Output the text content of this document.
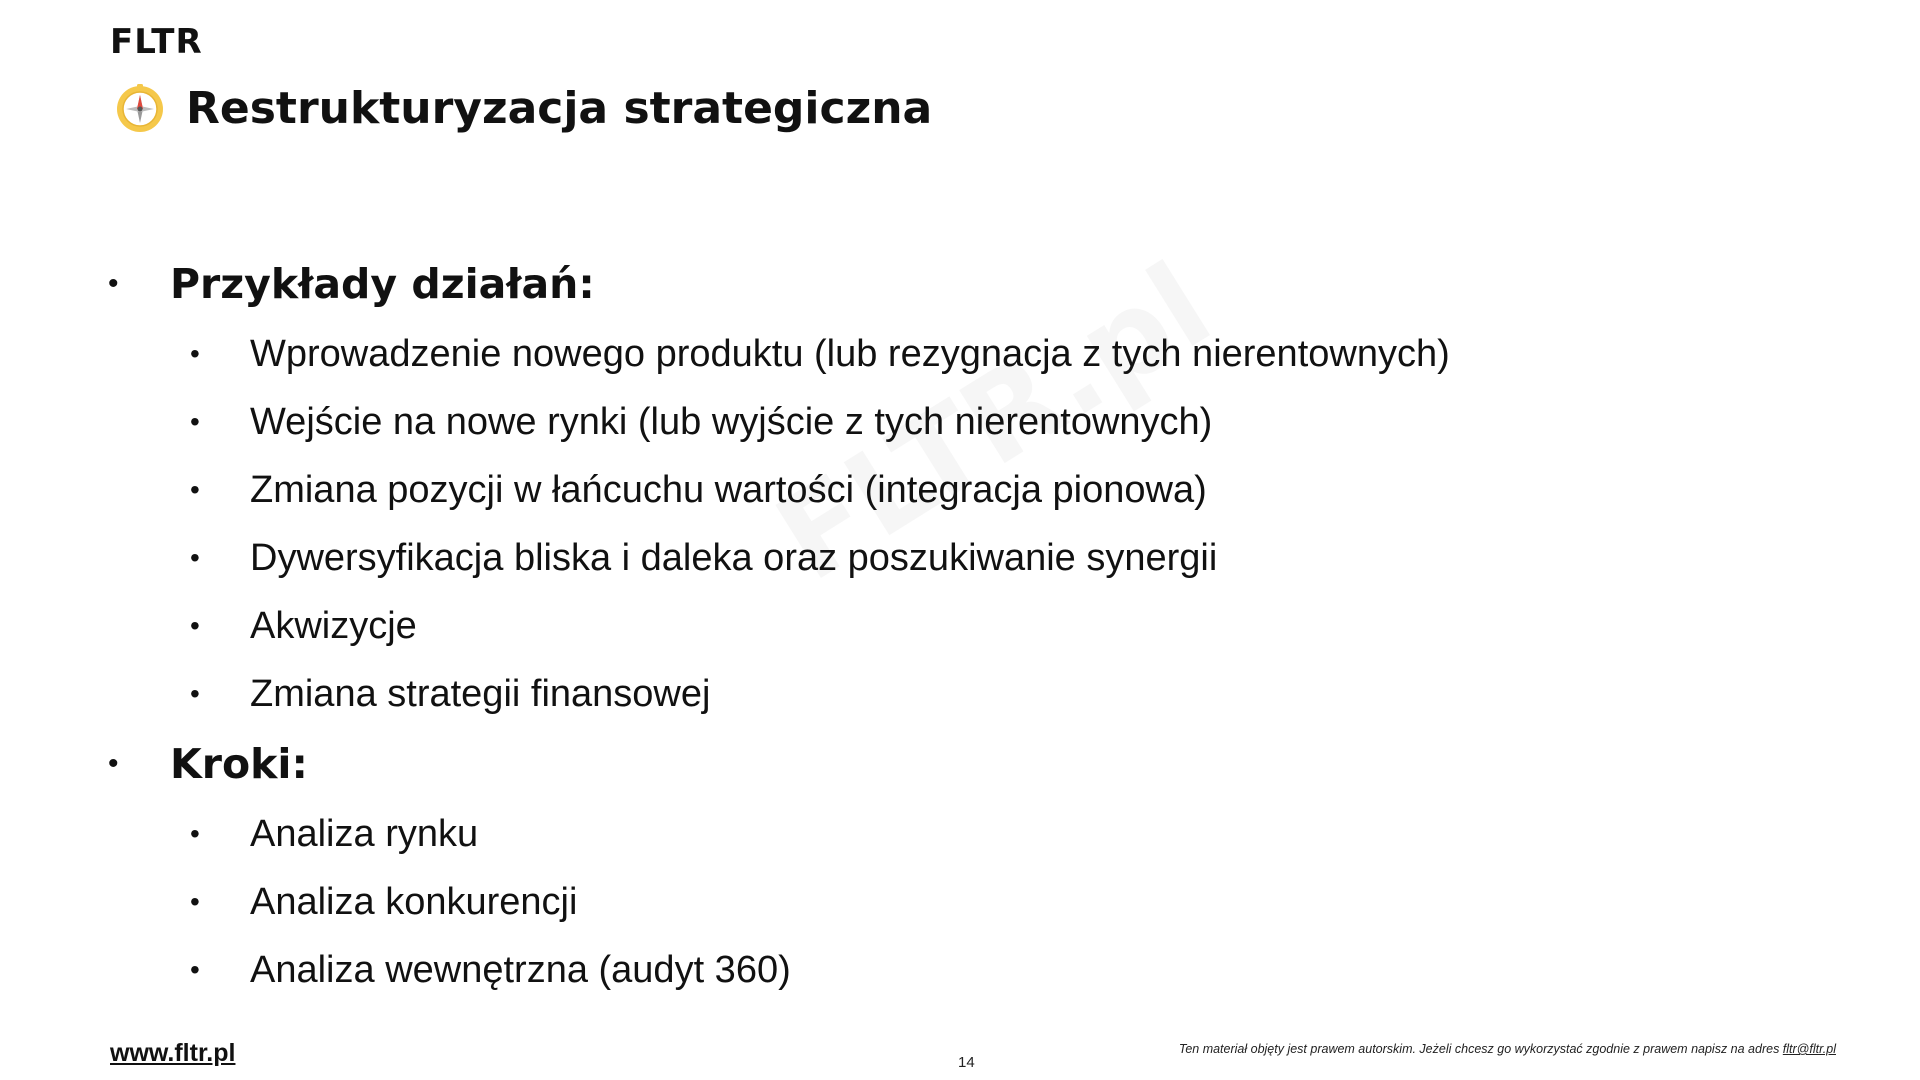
FLTR
Restrukturyzacja strategiczna
•	Przykłady działań:
•	Wprowadzenie nowego produktu (lub rezygnacja z tych nierentownych)
•	Wejście na nowe rynki (lub wyjście z tych nierentownych)
•	Zmiana pozycji w łańcuchu wartości (integracja pionowa)
•	Dywersyfikacja bliska i daleka oraz poszukiwanie synergii
•	Akwizycje
•	Zmiana strategii finansowej
•	Kroki:
•	Analiza rynku
•	Analiza konkurencji
•	Analiza wewnętrzna (audyt 360)
www.fltr.pl	14
Ten materiał objęty jest prawem autorskim. Jeżeli chcesz go wykorzystać zgodnie z prawem napisz na adres fltr@fltr.pl
